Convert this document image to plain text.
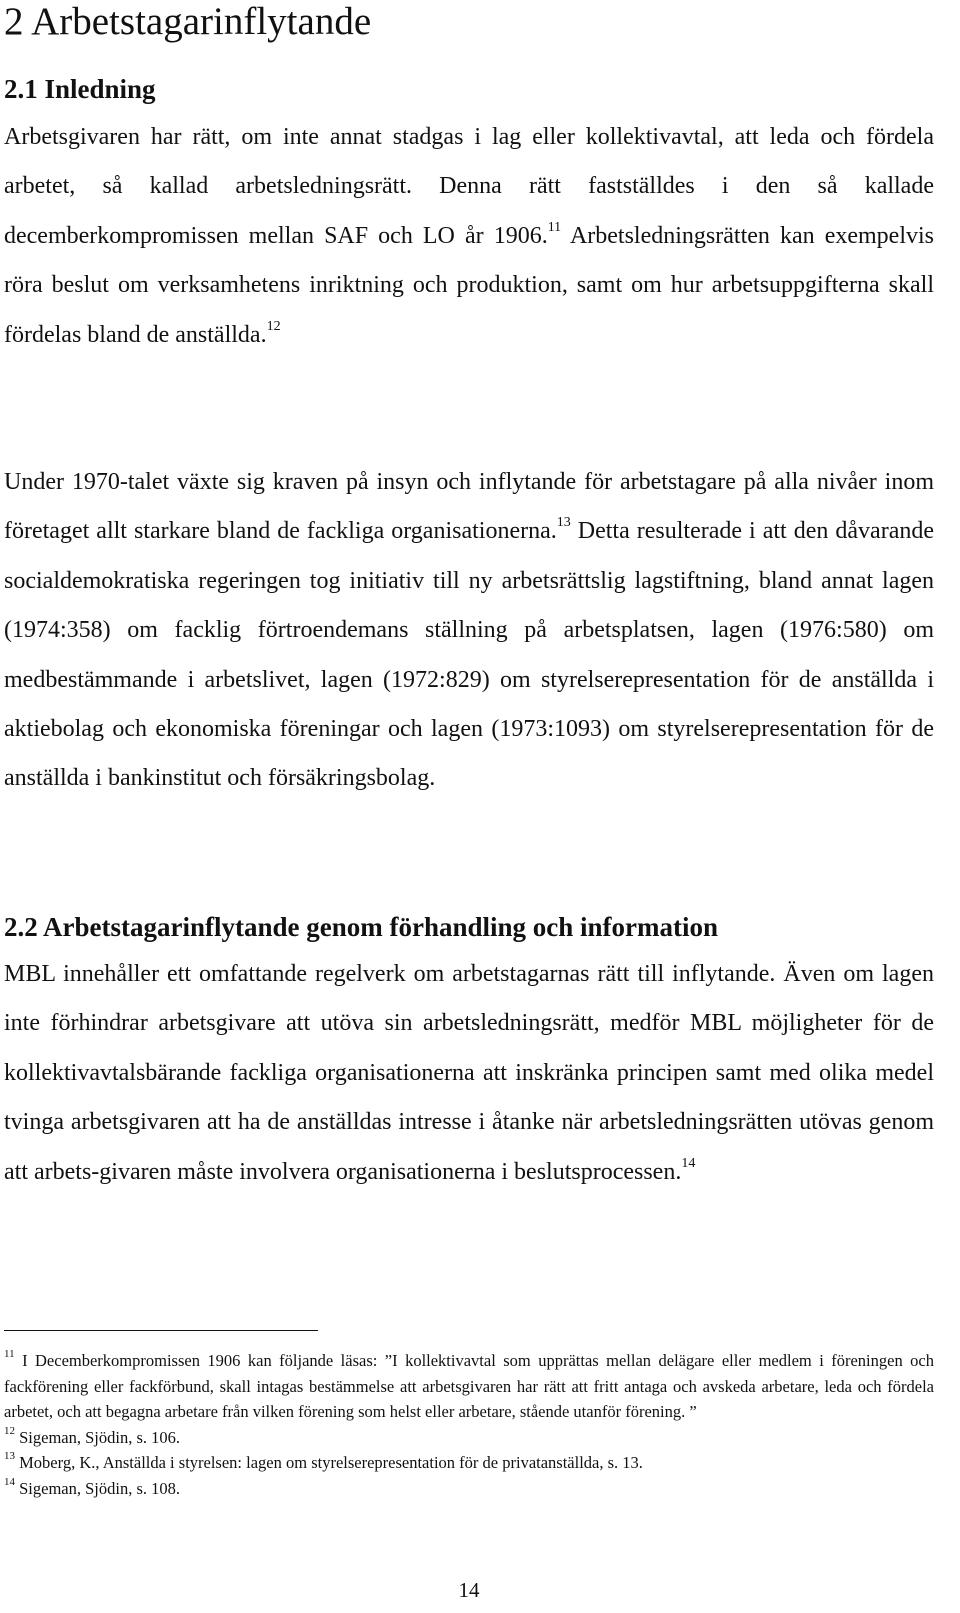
2 Arbetstagarinflytande
2.1 Inledning

Arbetsgivaren har rätt, om inte annat stadgas i lag eller kollektivavtal, att leda och fördela arbetet, så kallad arbetsledningsrätt. Denna rätt fastställdes i den så kallade decemberkompromissen mellan SAF och LO år 1906.11 Arbetsledningsrätten kan exempelvis röra beslut om verksamhetens inriktning och produktion, samt om hur arbetsuppgifterna skall fördelas bland de anställda.$^{12}$

Under 1970-talet växte sig kraven på insyn och inflytande för arbetstagare på alla nivåer inom företaget allt starkare bland de fackliga organisationerna.$^{13}$ Detta resulterade i att den dåvarande socialdemokratiska regeringen tog initiativ till ny arbetsrättslig lagstiftning, bland annat lagen (1974:358) om facklig förtroendemans ställning på arbetsplatsen, lagen (1976:580) om medbestämmande i arbetslivet, lagen (1972:829) om styrelserepresentation för de anställda i aktiebolag och ekonomiska föreningar och lagen (1973:1093) om styrelserepresentation för de anställda i bankinstitut och försäkringsbolag.

2.2 Arbetstagarinflytande genom förhandling och information

MBL innehåller ett omfattande regelverk om arbetstagarnas rätt till inflytande. Även om lagen inte förhindrar arbetsgivare att utöva sin arbetsledningsrätt, medför MBL möjligheter för de kollektivavtalsbärande fackliga organisationerna att inskränka principen samt med olika medel tvinga arbetsgivaren att ha de anställdas intresse i åtanke när arbetsledningsrätten utövas genom att arbets-givaren måste involvera organisationerna i beslutsprocessen.$^{14}$

$^{11}$ I Decemberkompromissen 1906 kan följande läsas: ”I kollektivavtal som upprättas mellan delägare eller medlem i föreningen och fackförening eller fackförbund, skall intagas bestämmelse att arbetsgivaren har rätt att fritt antaga och avskeda arbetare, leda och fördela arbetet, och att begagna arbetare från vilken förening som helst eller arbetare, stående utanför förening. ”

$^{12}$ Sigeman, Sjödin, s. 106.

$^{13}$ Moberg, K., Anställda i styrelsen: lagen om styrelserepresentation för de privatanställda, s. 13.

$^{14}$ Sigeman, Sjödin, s. 108.

14
